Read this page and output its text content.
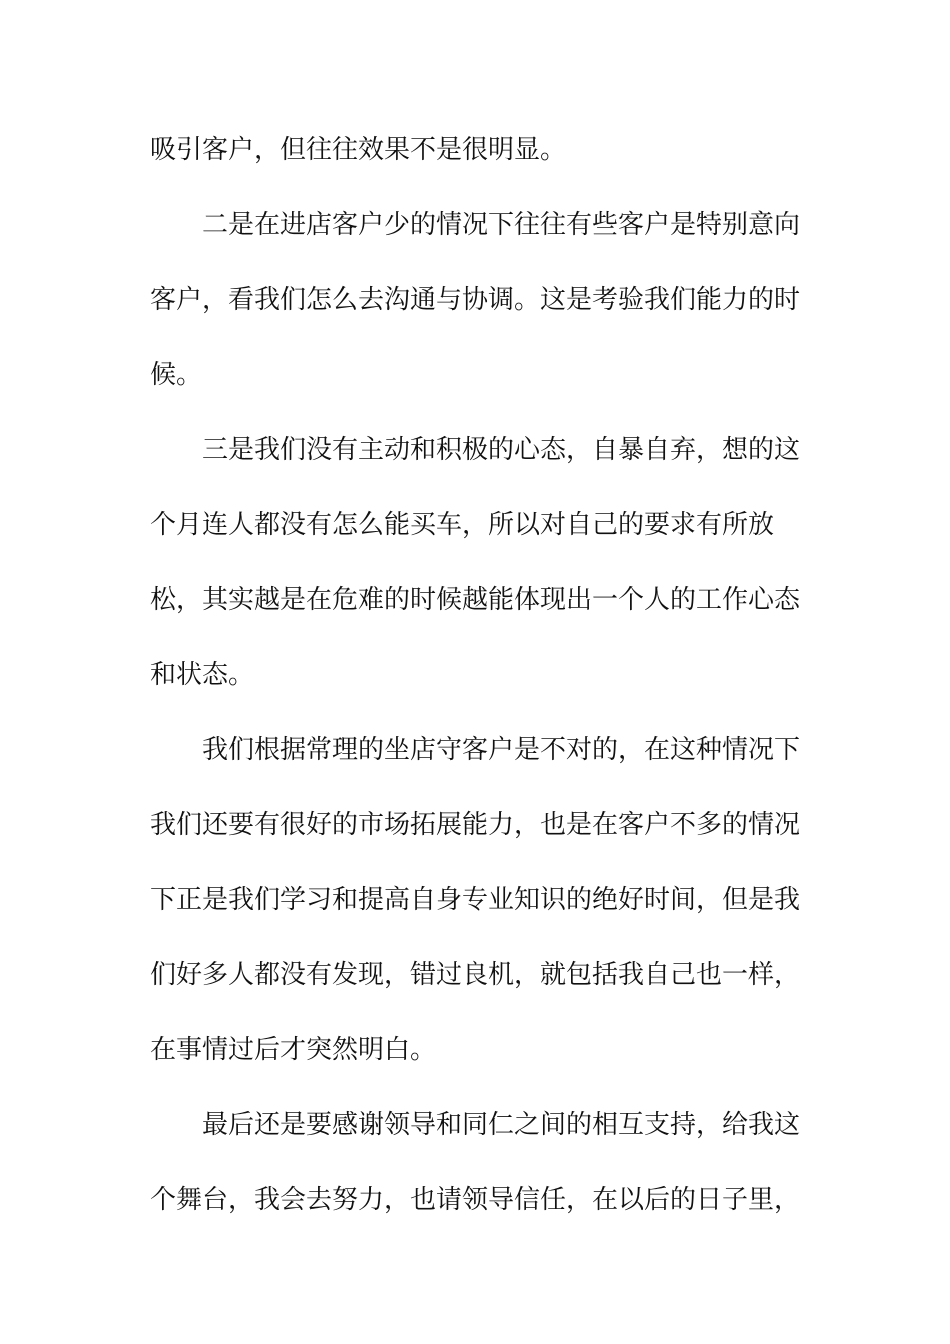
吸引客户，但往往效果不是很明显。
二是在进店客户少的情况下往往有些客户是特别意向
客户，看我们怎么去沟通与协调。这是考验我们能力的时
候。
三是我们没有主动和积极的心态，自暴自弃，想的这
个月连人都没有怎么能买车，所以对自己的要求有所放
松，其实越是在危难的时候越能体现出一个人的工作心态
和状态。
我们根据常理的坐店守客户是不对的，在这种情况下
我们还要有很好的市场拓展能力，也是在客户不多的情况
下正是我们学习和提高自身专业知识的绝好时间，但是我
们好多人都没有发现，错过良机，就包括我自己也一样，
在事情过后才突然明白。
最后还是要感谢领导和同仁之间的相互支持，给我这
个舞台，我会去努力，也请领导信任，在以后的日子里，
